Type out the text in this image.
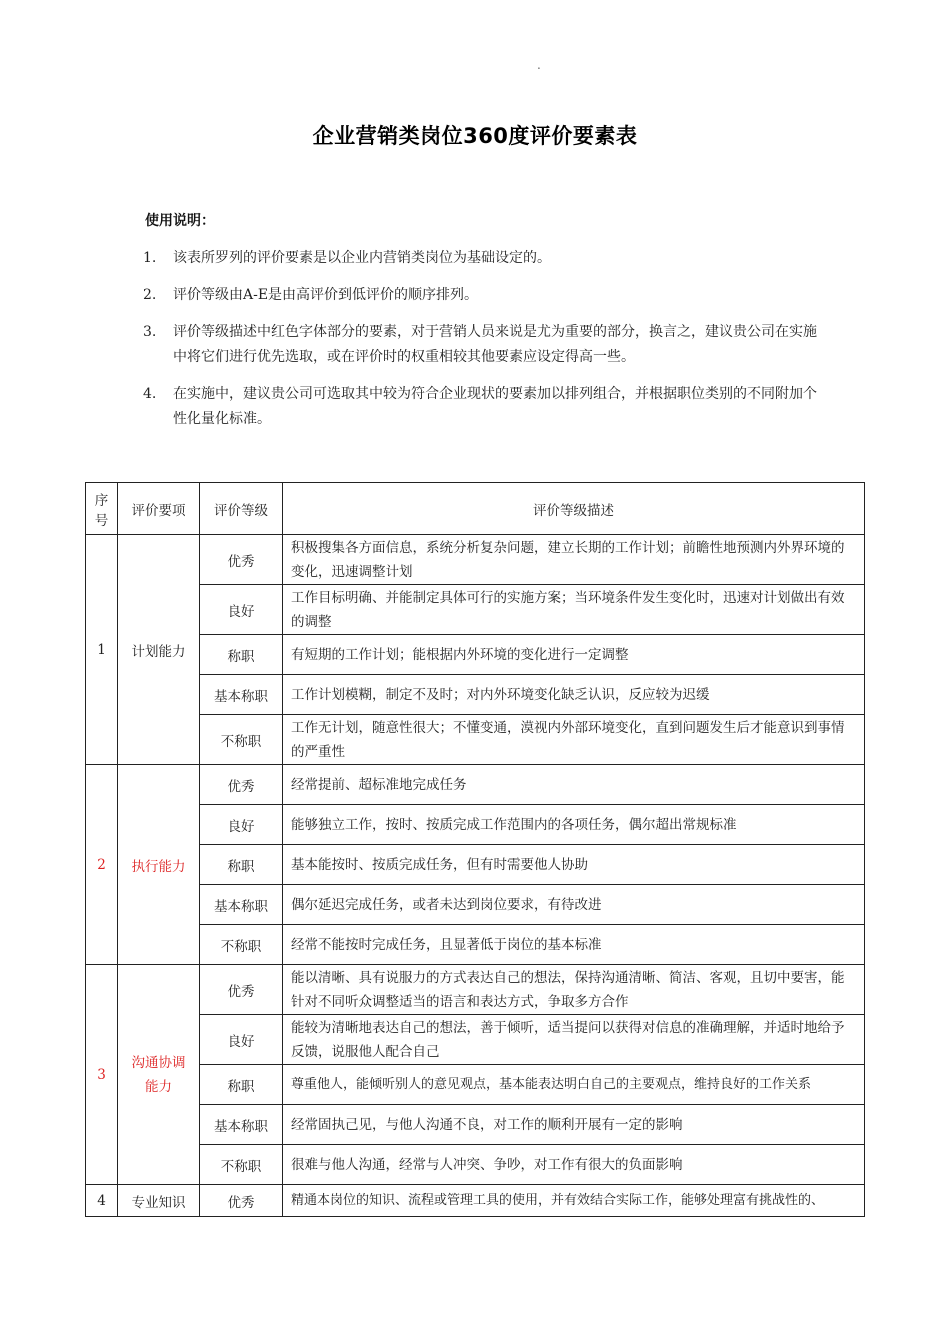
.
企业营销类岗位360度评价要素表
使用说明：
1. 该表所罗列的评价要素是以企业内营销类岗位为基础设定的。
2. 评价等级由A-E是由高评价到低评价的顺序排列。
3. 评价等级描述中红色字体部分的要素，对于营销人员来说是尤为重要的部分，换言之，建议贵公司在实施中将它们进行优先选取，或在评价时的权重相较其他要素应设定得高一些。
4. 在实施中，建议贵公司可选取其中较为符合企业现状的要素加以排列组合，并根据职位类别的不同附加个性化量化标准。
序号	评价要项	评价等级	评价等级描述
1	计划能力	优秀	积极搜集各方面信息，系统分析复杂问题，建立长期的工作计划；前瞻性地预测内外界环境的变化，迅速调整计划
		良好	工作目标明确、并能制定具体可行的实施方案；当环境条件发生变化时，迅速对计划做出有效的调整
		称职	有短期的工作计划；能根据内外环境的变化进行一定调整
		基本称职	工作计划模糊，制定不及时；对内外环境变化缺乏认识，反应较为迟缓
		不称职	工作无计划，随意性很大；不懂变通，漠视内外部环境变化，直到问题发生后才能意识到事情的严重性
2	执行能力	优秀	经常提前、超标准地完成任务
		良好	能够独立工作，按时、按质完成工作范围内的各项任务，偶尔超出常规标准
		称职	基本能按时、按质完成任务，但有时需要他人协助
		基本称职	偶尔延迟完成任务，或者未达到岗位要求，有待改进
		不称职	经常不能按时完成任务，且显著低于岗位的基本标准
3	沟通协调能力	优秀	能以清晰、具有说服力的方式表达自己的想法，保持沟通清晰、简洁、客观，且切中要害，能针对不同听众调整适当的语言和表达方式，争取多方合作
		良好	能较为清晰地表达自己的想法，善于倾听，适当提问以获得对信息的准确理解，并适时地给予反馈，说服他人配合自己
		称职	尊重他人，能倾听别人的意见观点，基本能表达明白自己的主要观点，维持良好的工作关系
		基本称职	经常固执己见，与他人沟通不良，对工作的顺利开展有一定的影响
		不称职	很难与他人沟通，经常与人冲突、争吵，对工作有很大的负面影响
4	专业知识	优秀	精通本岗位的知识、流程或管理工具的使用，并有效结合实际工作，能够处理富有挑战性的、
